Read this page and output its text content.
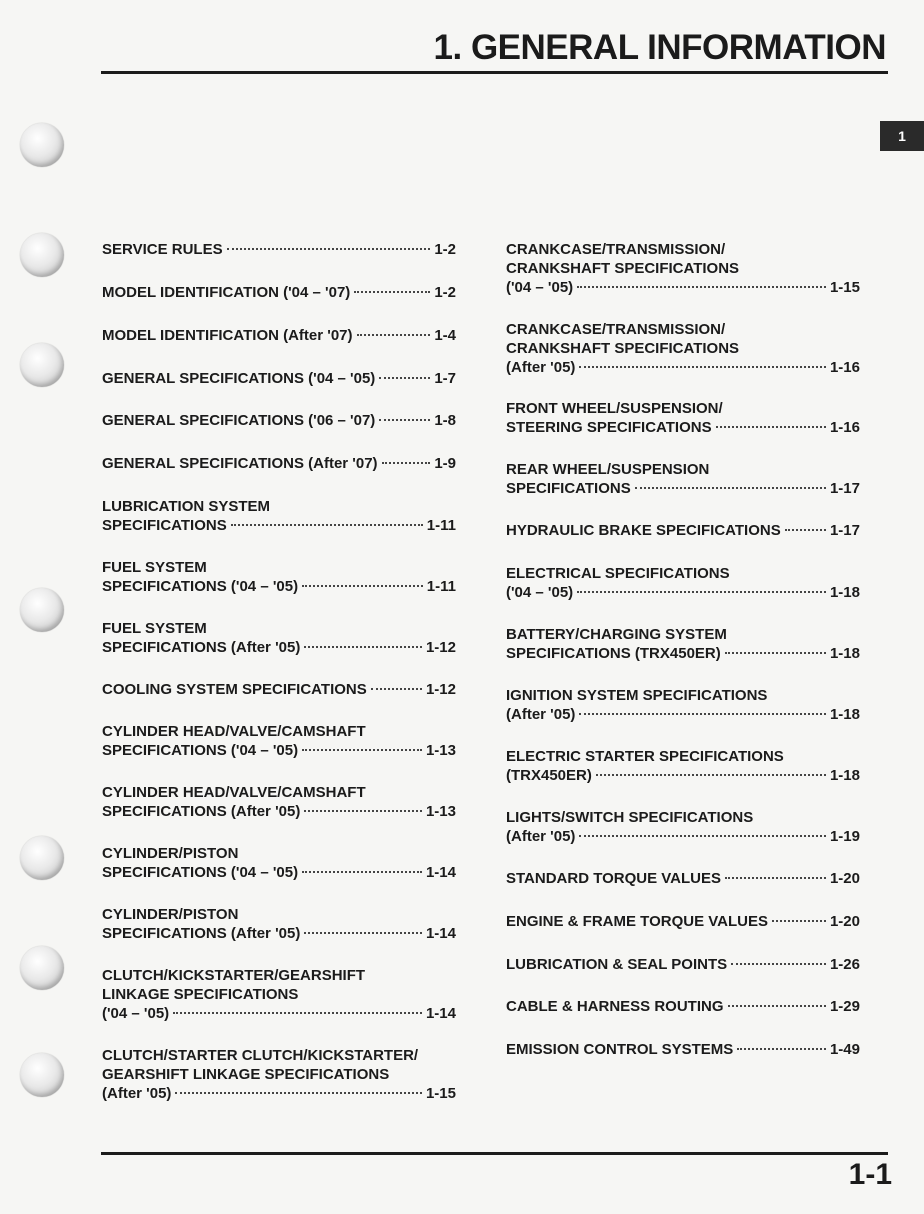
1. GENERAL INFORMATION
1
SERVICE RULES	1-2
MODEL IDENTIFICATION ('04 – '07)	1-2
MODEL IDENTIFICATION (After '07)	1-4
GENERAL SPECIFICATIONS ('04 – '05)	1-7
GENERAL SPECIFICATIONS ('06 – '07)	1-8
GENERAL SPECIFICATIONS (After '07)	1-9
LUBRICATION SYSTEM
SPECIFICATIONS	1-11
FUEL SYSTEM
SPECIFICATIONS ('04 – '05)	1-11
FUEL SYSTEM
SPECIFICATIONS (After '05)	1-12
COOLING SYSTEM SPECIFICATIONS	1-12
CYLINDER HEAD/VALVE/CAMSHAFT
SPECIFICATIONS ('04 – '05)	1-13
CYLINDER HEAD/VALVE/CAMSHAFT
SPECIFICATIONS (After '05)	1-13
CYLINDER/PISTON
SPECIFICATIONS ('04 – '05)	1-14
CYLINDER/PISTON
SPECIFICATIONS (After '05)	1-14
CLUTCH/KICKSTARTER/GEARSHIFT
LINKAGE SPECIFICATIONS
('04 – '05)	1-14
CLUTCH/STARTER CLUTCH/KICKSTARTER/
GEARSHIFT LINKAGE SPECIFICATIONS
(After '05)	1-15
CRANKCASE/TRANSMISSION/
CRANKSHAFT SPECIFICATIONS
('04 – '05)	1-15
CRANKCASE/TRANSMISSION/
CRANKSHAFT SPECIFICATIONS
(After '05)	1-16
FRONT WHEEL/SUSPENSION/
STEERING SPECIFICATIONS	1-16
REAR WHEEL/SUSPENSION
SPECIFICATIONS	1-17
HYDRAULIC BRAKE SPECIFICATIONS	1-17
ELECTRICAL SPECIFICATIONS
('04 – '05)	1-18
BATTERY/CHARGING SYSTEM
SPECIFICATIONS (TRX450ER)	1-18
IGNITION SYSTEM SPECIFICATIONS
(After '05)	1-18
ELECTRIC STARTER SPECIFICATIONS
(TRX450ER)	1-18
LIGHTS/SWITCH SPECIFICATIONS
(After '05)	1-19
STANDARD TORQUE VALUES	1-20
ENGINE & FRAME TORQUE VALUES	1-20
LUBRICATION & SEAL POINTS	1-26
CABLE & HARNESS ROUTING	1-29
EMISSION CONTROL SYSTEMS	1-49
1-1
